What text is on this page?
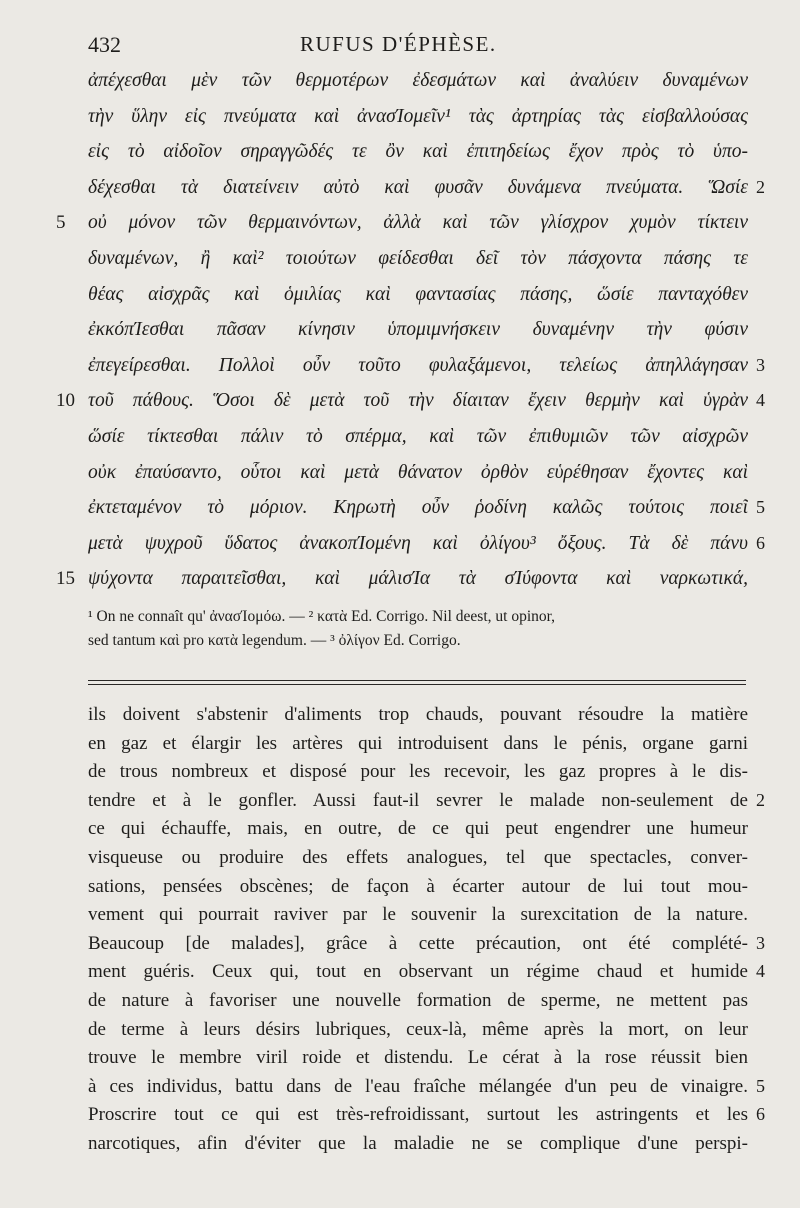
432	RUFUS D'ÉPHÈSE.
ἀπέχεσθαι μὲν τῶν θερμοτέρων ἐδεσμάτων καὶ ἀναλύειν δυναμένων
τὴν ὕλην εἰς πνεύματα καὶ ἀνασΊομεῖν¹ τὰς ἀρτηρίας τὰς εἰσβαλλούσας
εἰς τὸ αἰδοῖον σηραγγῶδές τε ὂν καὶ ἐπιτηδείως ἔχον πρὸς τὸ ὑπο-
δέχεσθαι τὰ διατείνειν αὐτὸ καὶ φυσᾶν δυνάμενα πνεύματα. Ὥσίε 2
οὐ μόνον τῶν θερμαινόντων, ἀλλὰ καὶ τῶν γλίσχρον χυμὸν τίκτειν
5
δυναμένων, ἢ καὶ² τοιούτων φείδεσθαι δεῖ τὸν πάσχοντα πάσης τε
θέας αἰσχρᾶς καὶ ὁμιλίας καὶ φαντασίας πάσης, ὥσίε πανταχόθεν
ἐκκόπΊεσθαι πᾶσαν κίνησιν ὑπομιμνήσκειν δυναμένην τὴν φύσιν
ἐπεγείρεσθαι. Πολλοὶ οὖν τοῦτο φυλαξάμενοι, τελείως ἀπηλλάγησαν 3
τοῦ πάθους. Ὅσοι δὲ μετὰ τοῦ τὴν δίαιταν ἔχειν θερμὴν καὶ ὑγρὰν
10	4
ὥσίε τίκτεσθαι πάλιν τὸ σπέρμα, καὶ τῶν ἐπιθυμιῶν τῶν αἰσχρῶν
οὐκ ἐπαύσαντο, οὗτοι καὶ μετὰ θάνατον ὀρθὸν εὑρέθησαν ἔχοντες καὶ
ἐκτεταμένον τὸ μόριον. Κηρωτὴ οὖν ῥοδίνη καλῶς τούτοις ποιεῖ 5
μετὰ ψυχροῦ ὕδατος ἀνακοπΊομένη καὶ ὀλίγου³ ὄξους. Τὰ δὲ πάνυ 6
ψύχοντα παραιτεῖσθαι, καὶ μάλισΊα τὰ σΊύφοντα καὶ ναρκωτικά,
15
¹ On ne connaît qu' ἀνασΊομόω. — ² κατὰ Ed. Corrigo. Nil deest, ut opinor,
sed tantum καὶ pro κατὰ legendum. — ³ ὀλίγον Ed. Corrigo.
ils doivent s'abstenir d'aliments trop chauds, pouvant résoudre la matière
en gaz et élargir les artères qui introduisent dans le pénis, organe garni
de trous nombreux et disposé pour les recevoir, les gaz propres à le dis-
tendre et à le gonfler. Aussi faut-il sevrer le malade non-seulement de 2
ce qui échauffe, mais, en outre, de ce qui peut engendrer une humeur
visqueuse ou produire des effets analogues, tel que spectacles, conver-
sations, pensées obscènes; de façon à écarter autour de lui tout mou-
vement qui pourrait raviver par le souvenir la surexcitation de la nature.
Beaucoup [de malades], grâce à cette précaution, ont été complété- 3
ment guéris. Ceux qui, tout en observant un régime chaud et humide 4
de nature à favoriser une nouvelle formation de sperme, ne mettent pas
de terme à leurs désirs lubriques, ceux-là, même après la mort, on leur
trouve le membre viril roide et distendu. Le cérat à la rose réussit bien
à ces individus, battu dans de l'eau fraîche mélangée d'un peu de vinaigre. 5
Proscrire tout ce qui est très-refroidissant, surtout les astringents et les 6
narcotiques, afin d'éviter que la maladie ne se complique d'une perspi-
